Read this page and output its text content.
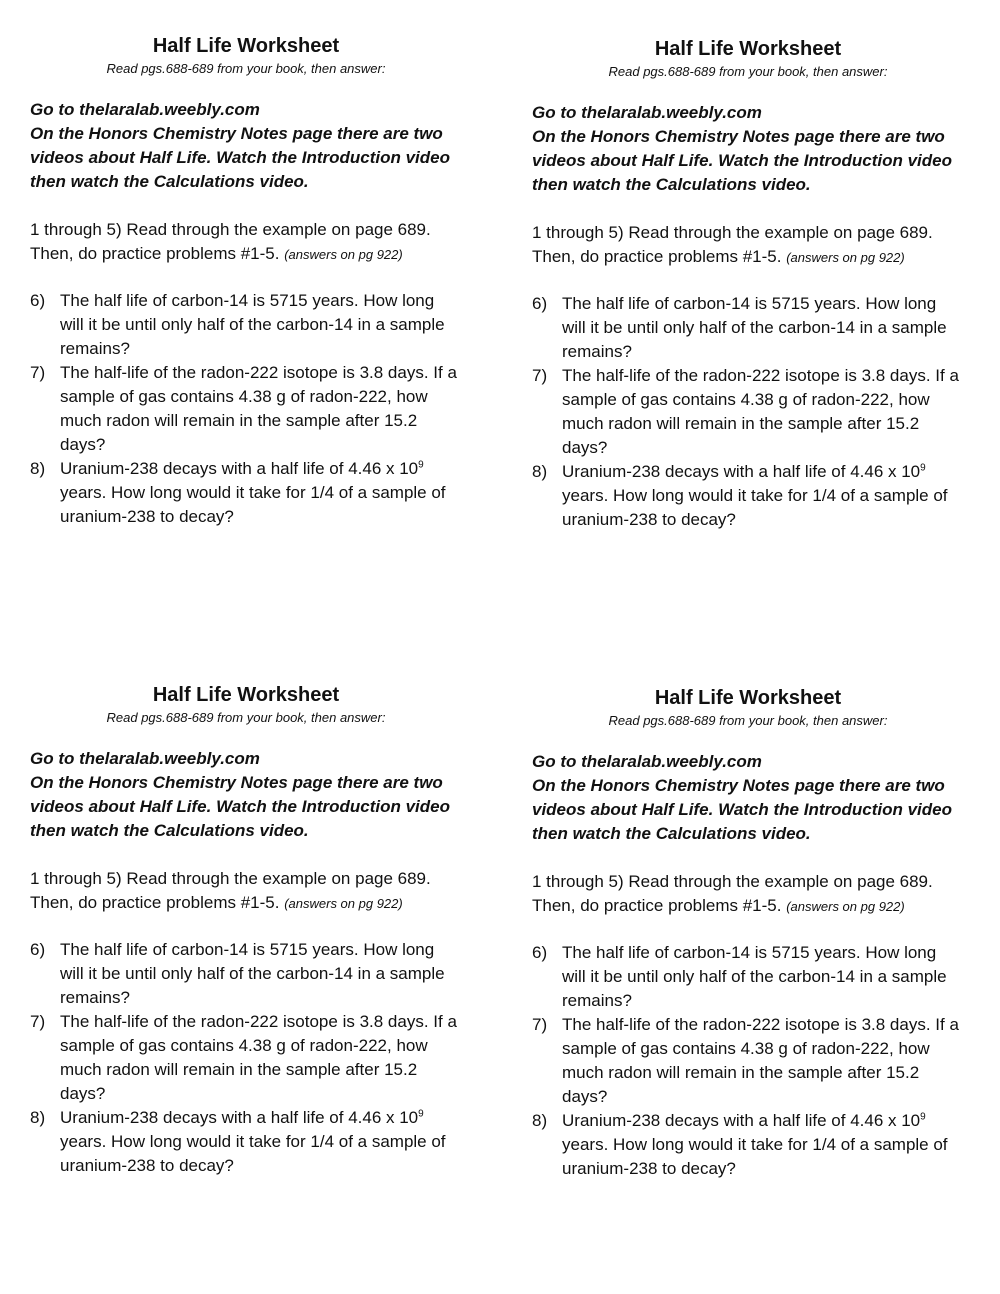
Half Life Worksheet

Read pgs.688-689 from your book, then answer:

Go to thelaralab.weebly.com
On the Honors Chemistry Notes page there are two
videos about Half Life. Watch the Introduction video
then watch the Calculations video.
1 through 5) Read through the example on page 689.
Then, do practice problems #1-5. (answers on pg 922)
6) The half life of carbon-14 is 5715 years. How long will it be until only half of the carbon-14 in a sample remains?
7) The half-life of the radon-222 isotope is 3.8 days. If a sample of gas contains 4.38 g of radon-222, how much radon will remain in the sample after 15.2 days?
8) Uranium-238 decays with a half life of 4.46 x $10^9$ years. How long would it take for 1/4 of a sample of uranium-238 to decay?
Half Life Worksheet

Read pgs.688-689 from your book, then answer:

Go to thelaralab.weebly.com
On the Honors Chemistry Notes page there are two
videos about Half Life. Watch the Introduction video
then watch the Calculations video.
1 through 5) Read through the example on page 689.
Then, do practice problems #1-5. (answers on pg 922)
6) The half life of carbon-14 is 5715 years. How long will it be until only half of the carbon-14 in a sample remains?
7) The half-life of the radon-222 isotope is 3.8 days. If a sample of gas contains 4.38 g of radon-222, how much radon will remain in the sample after 15.2 days?
8) Uranium-238 decays with a half life of 4.46 x $10^9$ years. How long would it take for 1/4 of a sample of uranium-238 to decay?
Half Life Worksheet

Read pgs.688-689 from your book, then answer:

Go to thelaralab.weebly.com
On the Honors Chemistry Notes page there are two
videos about Half Life. Watch the Introduction video
then watch the Calculations video.
1 through 5) Read through the example on page 689.
Then, do practice problems #1-5. (answers on pg 922)
6) The half life of carbon-14 is 5715 years. How long will it be until only half of the carbon-14 in a sample remains?
7) The half-life of the radon-222 isotope is 3.8 days. If a sample of gas contains 4.38 g of radon-222, how much radon will remain in the sample after 15.2 days?
8) Uranium-238 decays with a half life of 4.46 x $10^9$ years. How long would it take for 1/4 of a sample of uranium-238 to decay?
Half Life Worksheet

Read pgs.688-689 from your book, then answer:

Go to thelaralab.weebly.com
On the Honors Chemistry Notes page there are two
videos about Half Life. Watch the Introduction video
then watch the Calculations video.
1 through 5) Read through the example on page 689.
Then, do practice problems #1-5. (answers on pg 922)
6) The half life of carbon-14 is 5715 years. How long will it be until only half of the carbon-14 in a sample remains?
7) The half-life of the radon-222 isotope is 3.8 days. If a sample of gas contains 4.38 g of radon-222, how much radon will remain in the sample after 15.2 days?
8) Uranium-238 decays with a half life of 4.46 x $10^9$ years. How long would it take for 1/4 of a sample of uranium-238 to decay?
